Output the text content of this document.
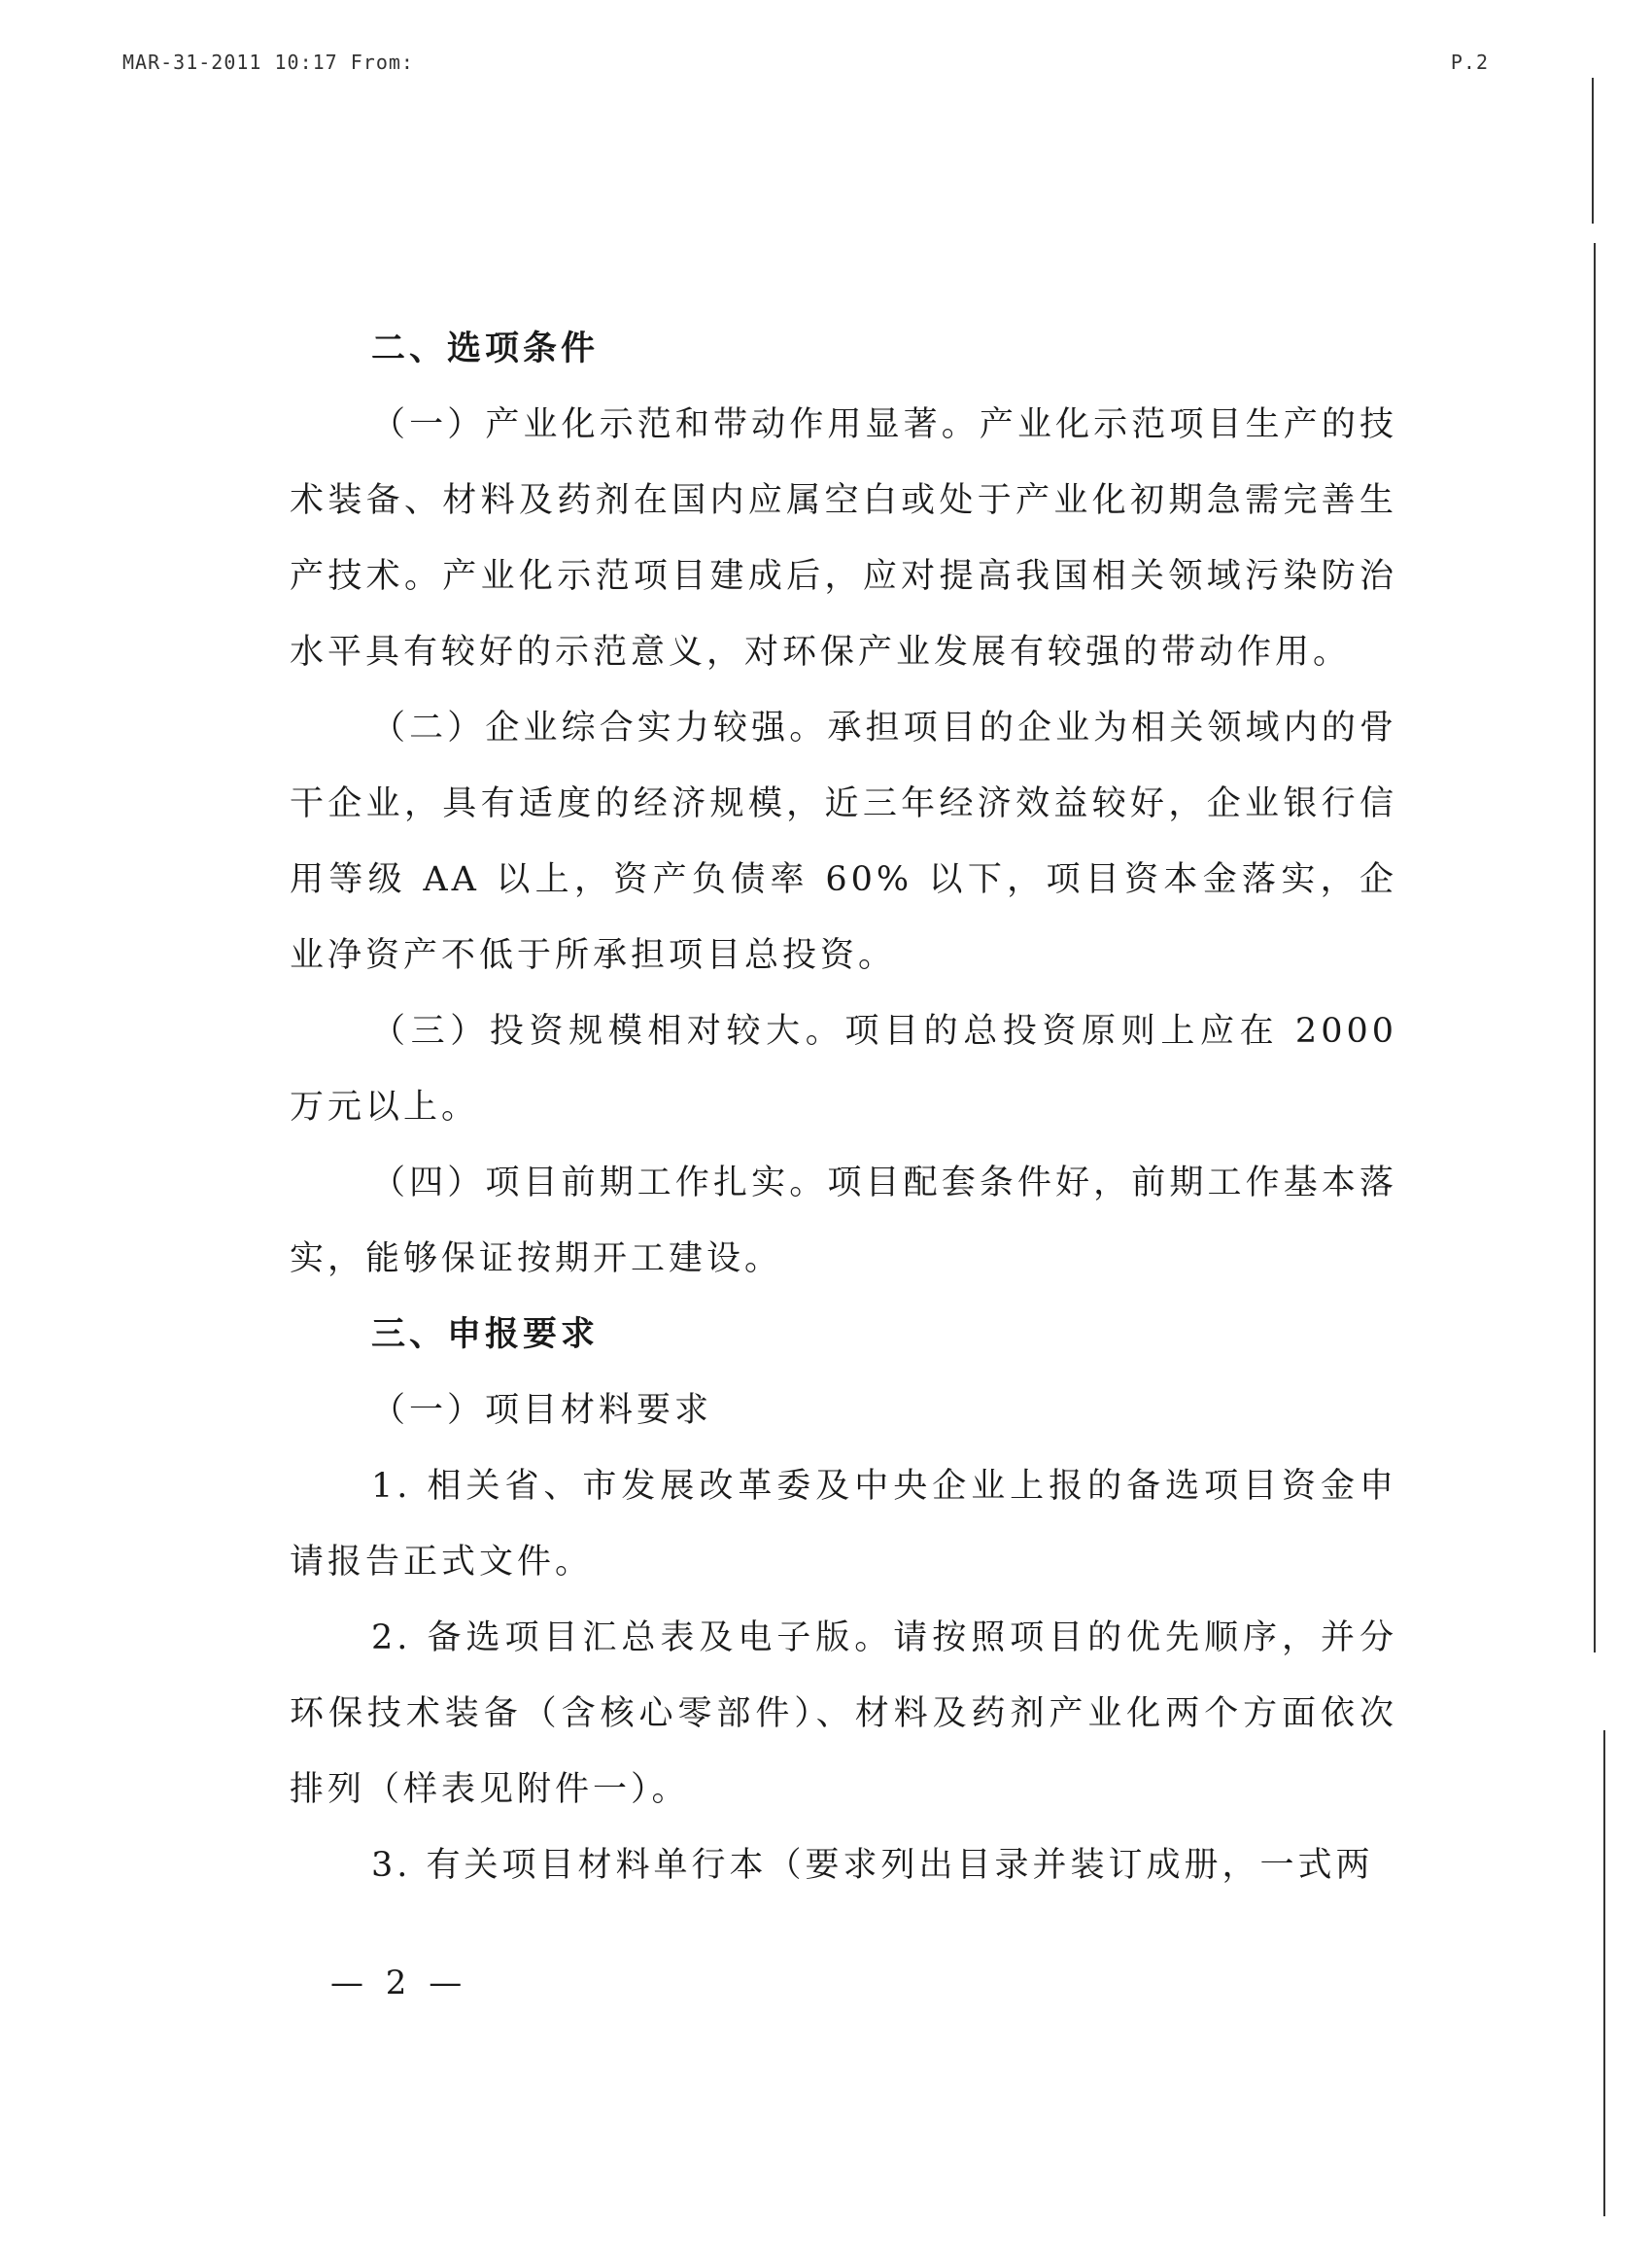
MAR-31-2011 10:17 From:	P.2

二、选项条件

（一）产业化示范和带动作用显著。产业化示范项目生产的技术装备、材料及药剂在国内应属空白或处于产业化初期急需完善生产技术。产业化示范项目建成后，应对提高我国相关领域污染防治水平具有较好的示范意义，对环保产业发展有较强的带动作用。

（二）企业综合实力较强。承担项目的企业为相关领域内的骨干企业，具有适度的经济规模，近三年经济效益较好，企业银行信用等级 AA 以上，资产负债率 60% 以下，项目资本金落实，企业净资产不低于所承担项目总投资。

（三）投资规模相对较大。项目的总投资原则上应在 2000 万元以上。

（四）项目前期工作扎实。项目配套条件好，前期工作基本落实，能够保证按期开工建设。

三、申报要求

（一）项目材料要求

1. 相关省、市发展改革委及中央企业上报的备选项目资金申请报告正式文件。

2. 备选项目汇总表及电子版。请按照项目的优先顺序，并分环保技术装备（含核心零部件）、材料及药剂产业化两个方面依次排列（样表见附件一）。

3. 有关项目材料单行本（要求列出目录并装订成册，一式两

— 2 —
